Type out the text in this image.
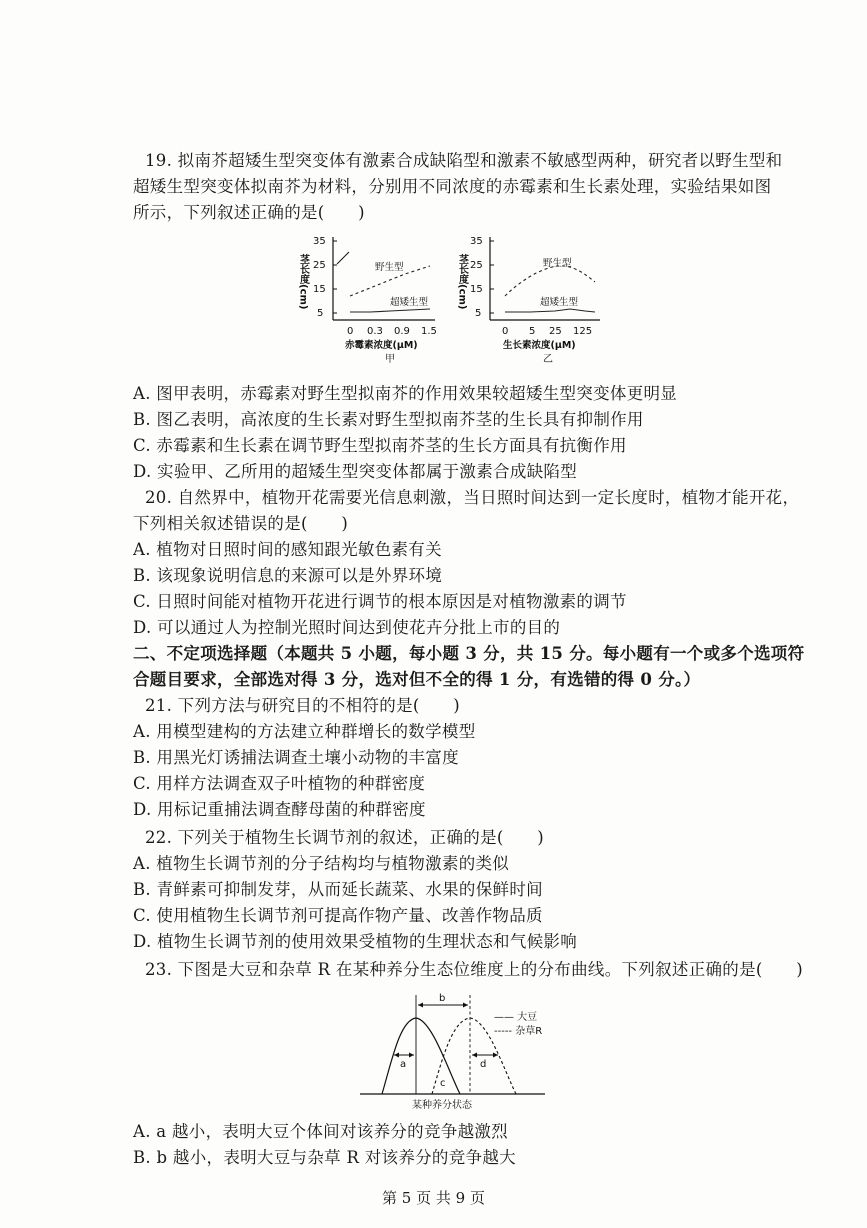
19. 拟南芥超矮生型突变体有激素合成缺陷型和激素不敏感型两种，研究者以野生型和
超矮生型突变体拟南芥为材料，分别用不同浓度的赤霉素和生长素处理，实验结果如图
所示，下列叙述正确的是(　　)
茎长度(cm)
35
25
15
5
野生型
超矮生型
0 0.3 0.9 1.5
赤霉素浓度(μM)
甲
茎长度(cm)
35
25
15
5
野生型
超矮生型
0 5 25 125
生长素浓度(μM)
乙
A. 图甲表明，赤霉素对野生型拟南芥的作用效果较超矮生型突变体更明显
B. 图乙表明，高浓度的生长素对野生型拟南芥茎的生长具有抑制作用
C. 赤霉素和生长素在调节野生型拟南芥茎的生长方面具有抗衡作用
D. 实验甲、乙所用的超矮生型突变体都属于激素合成缺陷型
20. 自然界中，植物开花需要光信息刺激，当日照时间达到一定长度时，植物才能开花，
下列相关叙述错误的是(　　)
A. 植物对日照时间的感知跟光敏色素有关
B. 该现象说明信息的来源可以是外界环境
C. 日照时间能对植物开花进行调节的根本原因是对植物激素的调节
D. 可以通过人为控制光照时间达到使花卉分批上市的目的
二、不定项选择题（本题共 5 小题，每小题 3 分，共 15 分。每小题有一个或多个选项符
合题目要求，全部选对得 3 分，选对但不全的得 1 分，有选错的得 0 分。）
21. 下列方法与研究目的不相符的是(　　)
A. 用模型建构的方法建立种群增长的数学模型
B. 用黑光灯诱捕法调查土壤小动物的丰富度
C. 用样方法调查双子叶植物的种群密度
D. 用标记重捕法调查酵母菌的种群密度
22. 下列关于植物生长调节剂的叙述，正确的是(　　)
A. 植物生长调节剂的分子结构均与植物激素的类似
B. 青鲜素可抑制发芽，从而延长蔬菜、水果的保鲜时间
C. 使用植物生长调节剂可提高作物产量、改善作物品质
D. 植物生长调节剂的使用效果受植物的生理状态和气候影响
23. 下图是大豆和杂草 R 在某种养分生态位维度上的分布曲线。下列叙述正确的是(　　)
b
a	d
c
—— 大豆
----- 杂草R
某种养分状态
A. a 越小，表明大豆个体间对该养分的竞争越激烈
B. b 越小，表明大豆与杂草 R 对该养分的竞争越大
第 5 页 共 9 页
